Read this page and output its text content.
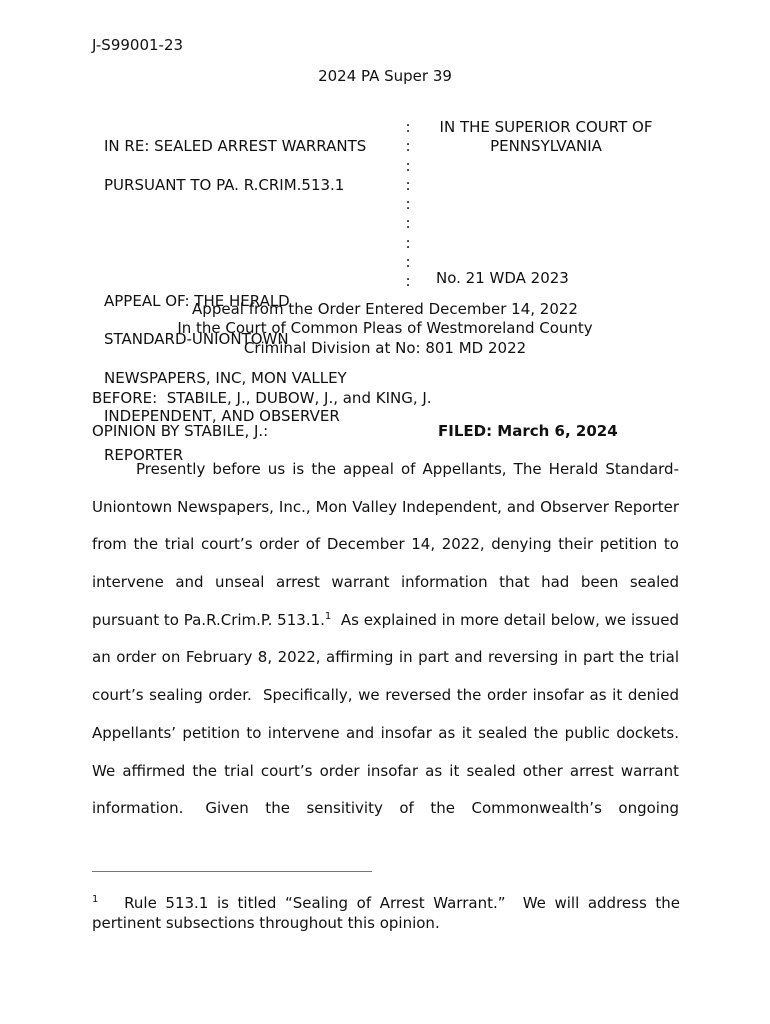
J-S99001-23
2024 PA Super 39

IN RE: SEALED ARREST WARRANTS

PURSUANT TO PA. R.CRIM.513.1

APPEAL OF: THE HERALD

STANDARD-UNIONTOWN

NEWSPAPERS, INC, MON VALLEY

INDEPENDENT, AND OBSERVER

REPORTER

:
:
:
:
:
:
:
:
:
IN THE SUPERIOR COURT OF
PENNSYLVANIA
No. 21 WDA 2023
Appeal from the Order Entered December 14, 2022
In the Court of Common Pleas of Westmoreland County
Criminal Division at No: 801 MD 2022
BEFORE:  STABILE, J., DUBOW, J., and KING, J.
OPINION BY STABILE, J.:	FILED: March 6, 2024
Presently before us is the appeal of Appellants, The Herald Standard-
Uniontown Newspapers, Inc., Mon Valley Independent, and Observer Reporter
from the trial court’s order of December 14, 2022, denying their petition to
intervene and unseal arrest warrant information that had been sealed
pursuant to Pa.R.Crim.P. 513.1.$^1$  As explained in more detail below, we issued
an order on February 8, 2022, affirming in part and reversing in part the trial
court’s sealing order.  Specifically, we reversed the order insofar as it denied
Appellants’ petition to intervene and insofar as it sealed the public dockets.
We affirmed the trial court’s order insofar as it sealed other arrest warrant
information.    Given   the   sensitivity   of   the   Commonwealth’s   ongoing
$^1$ Rule 513.1 is titled “Sealing of Arrest Warrant.”  We will address the
pertinent subsections throughout this opinion.
